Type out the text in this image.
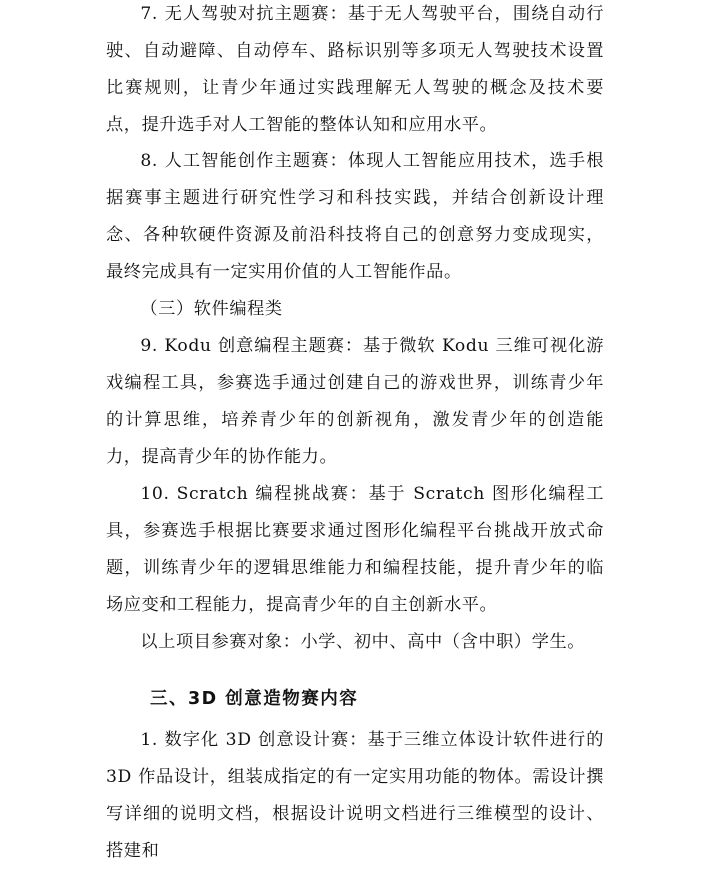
7. 无人驾驶对抗主题赛：基于无人驾驶平台，围绕自动行驶、自动避障、自动停车、路标识别等多项无人驾驶技术设置比赛规则，让青少年通过实践理解无人驾驶的概念及技术要点，提升选手对人工智能的整体认知和应用水平。

8. 人工智能创作主题赛：体现人工智能应用技术，选手根据赛事主题进行研究性学习和科技实践，并结合创新设计理念、各种软硬件资源及前沿科技将自己的创意努力变成现实，最终完成具有一定实用价值的人工智能作品。

（三）软件编程类

9. Kodu 创意编程主题赛：基于微软 Kodu 三维可视化游戏编程工具，参赛选手通过创建自己的游戏世界，训练青少年的计算思维，培养青少年的创新视角，激发青少年的创造能力，提高青少年的协作能力。

10. Scratch 编程挑战赛：基于 Scratch 图形化编程工具，参赛选手根据比赛要求通过图形化编程平台挑战开放式命题，训练青少年的逻辑思维能力和编程技能，提升青少年的临场应变和工程能力，提高青少年的自主创新水平。

以上项目参赛对象：小学、初中、高中（含中职）学生。

三、3D 创意造物赛内容

1. 数字化 3D 创意设计赛：基于三维立体设计软件进行的 3D 作品设计，组装成指定的有一定实用功能的物体。需设计撰写详细的说明文档，根据设计说明文档进行三维模型的设计、搭建和
